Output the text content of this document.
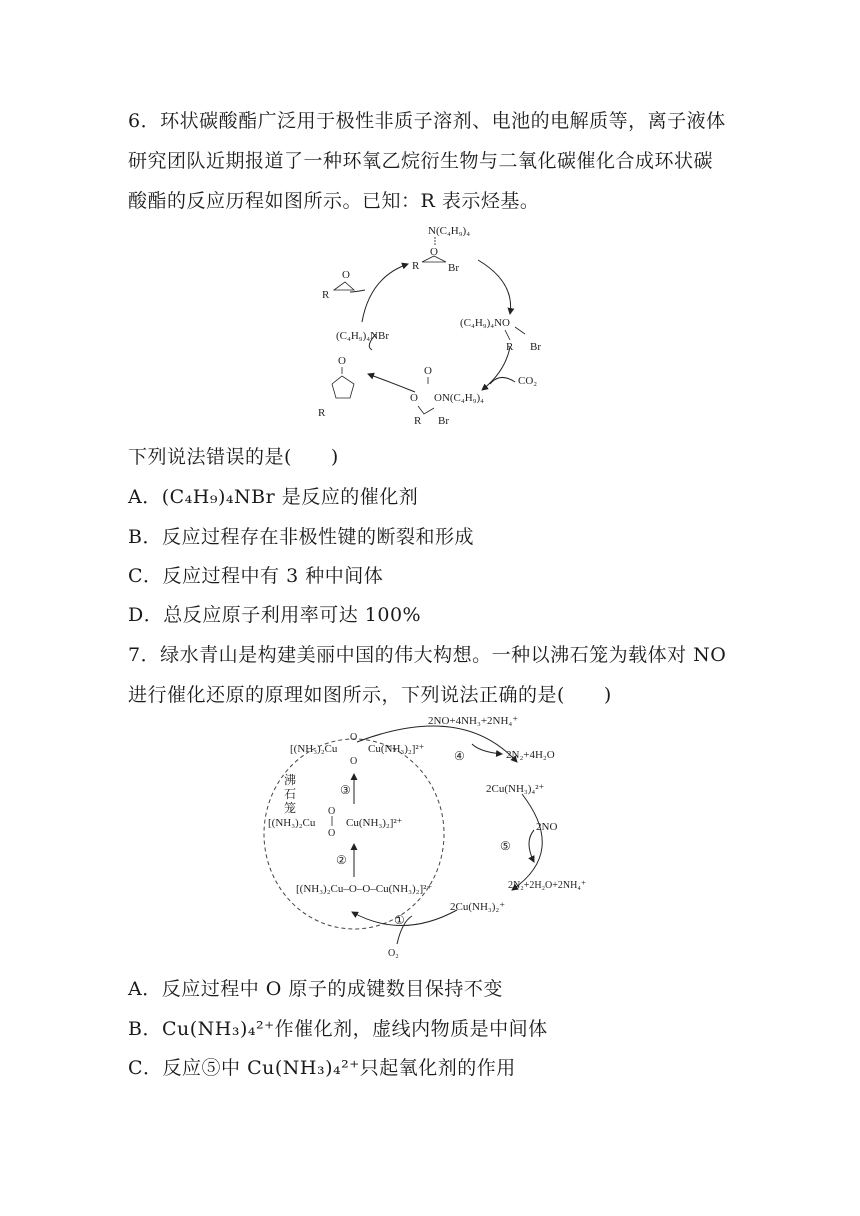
6．环状碳酸酯广泛用于极性非质子溶剂、电池的电解质等，离子液体
研究团队近期报道了一种环氧乙烷衍生物与二氧化碳催化合成环状碳
酸酯的反应历程如图所示。已知：R 表示烃基。
N(C₄H₉)₄
O
R	Br
O
R
(C₄H₉)₄NO
R Br
(C₄H₉)₄NBr
CO₂
O
R
O
O ON(C₄H₉)₄
R Br
下列说法错误的是(　　)
A．(C₄H₉)₄NBr 是反应的催化剂
B．反应过程存在非极性键的断裂和形成
C．反应过程中有 3 种中间体
D．总反应原子利用率可达 100%
7．绿水青山是构建美丽中国的伟大构想。一种以沸石笼为载体对 NO
进行催化还原的原理如图所示，下列说法正确的是(　　)
[(NH₃)₂Cu
O
O
Cu(NH₃)₂]²⁺
沸
石
笼
③
O
O
[(NH₃)₂Cu	Cu(NH₃)₂]²⁺
②
[(NH₃)₂Cu–O–O–Cu(NH₃)₂]²⁺
①
O₂
2NO+4NH₃+2NH₄⁺
④	2N₂+4H₂O
2Cu(NH₃)₄²⁺
2NO
⑤
2N₂+2H₂O+2NH₄⁺
2Cu(NH₃)₂⁺
A．反应过程中 O 原子的成键数目保持不变
B．Cu(NH₃)₄²⁺作催化剂，虚线内物质是中间体
C．反应⑤中 Cu(NH₃)₄²⁺只起氧化剂的作用
